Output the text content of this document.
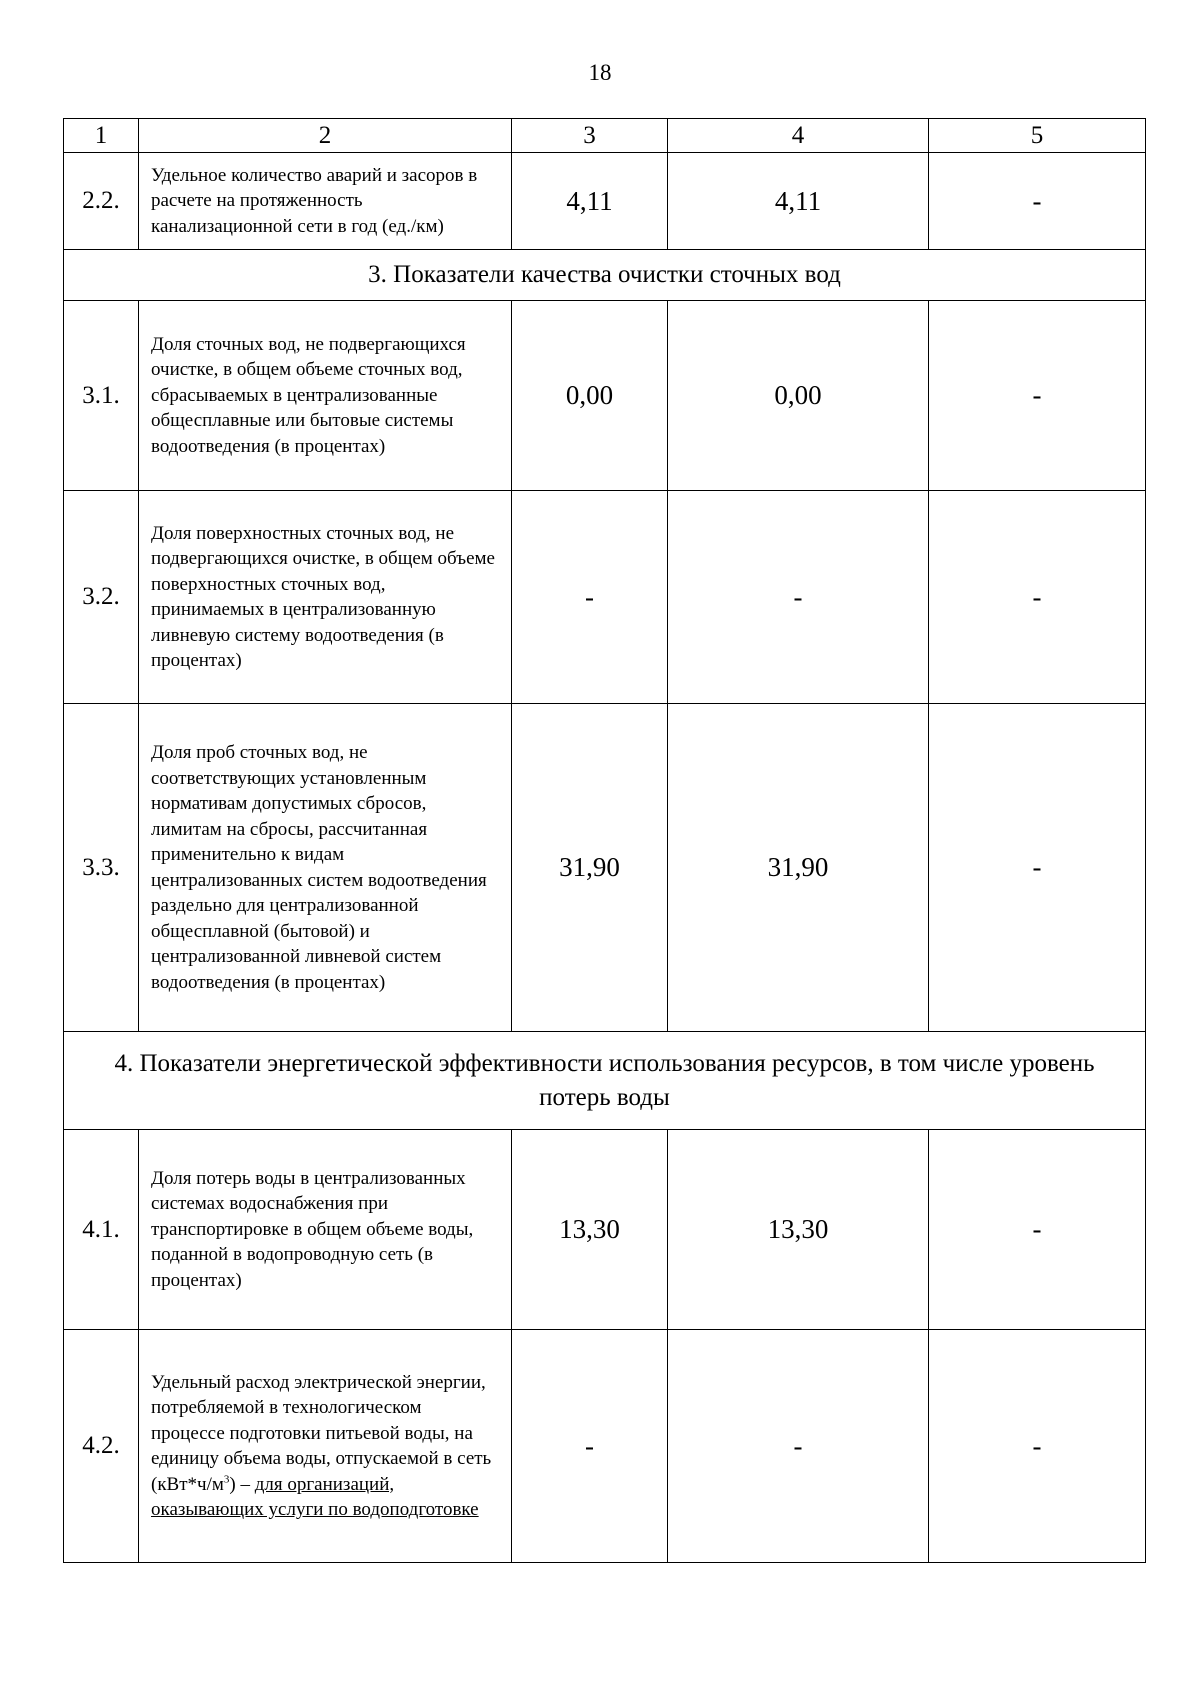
18
1	2	3	4	5
2.2.	Удельное количество аварий и засоров в расчете на протяженность канализационной сети в год (ед./км)	4,11	4,11	-
3. Показатели качества очистки сточных вод				
3.1.	Доля сточных вод, не подвергающихся очистке, в общем объеме сточных вод, сбрасываемых в централизованные общесплавные или бытовые системы водоотведения (в процентах)	0,00	0,00	-
3.2.	Доля поверхностных сточных вод, не подвергающихся очистке, в общем объеме поверхностных сточных вод, принимаемых в централизованную ливневую систему водоотведения (в процентах)	-	-	-
3.3.	Доля проб сточных вод, не соответствующих установленным нормативам допустимых сбросов, лимитам на сбросы, рассчитанная применительно к видам централизованных систем водоотведения раздельно для централизованной общесплавной (бытовой) и централизованной ливневой систем водоотведения (в процентах)	31,90	31,90	-
4. Показатели энергетической эффективности использования ресурсов, в том числе уровень потерь воды				
4.1.	Доля потерь воды в централизованных системах водоснабжения при транспортировке в общем объеме воды, поданной в водопроводную сеть (в процентах)	13,30	13,30	-
4.2.	Удельный расход электрической энергии, потребляемой в технологическом процессе подготовки питьевой воды, на единицу объема воды, отпускаемой в сеть $(кВт*ч/м^3)$ – для организаций, оказывающих услуги по водоподготовке	-	-	-
